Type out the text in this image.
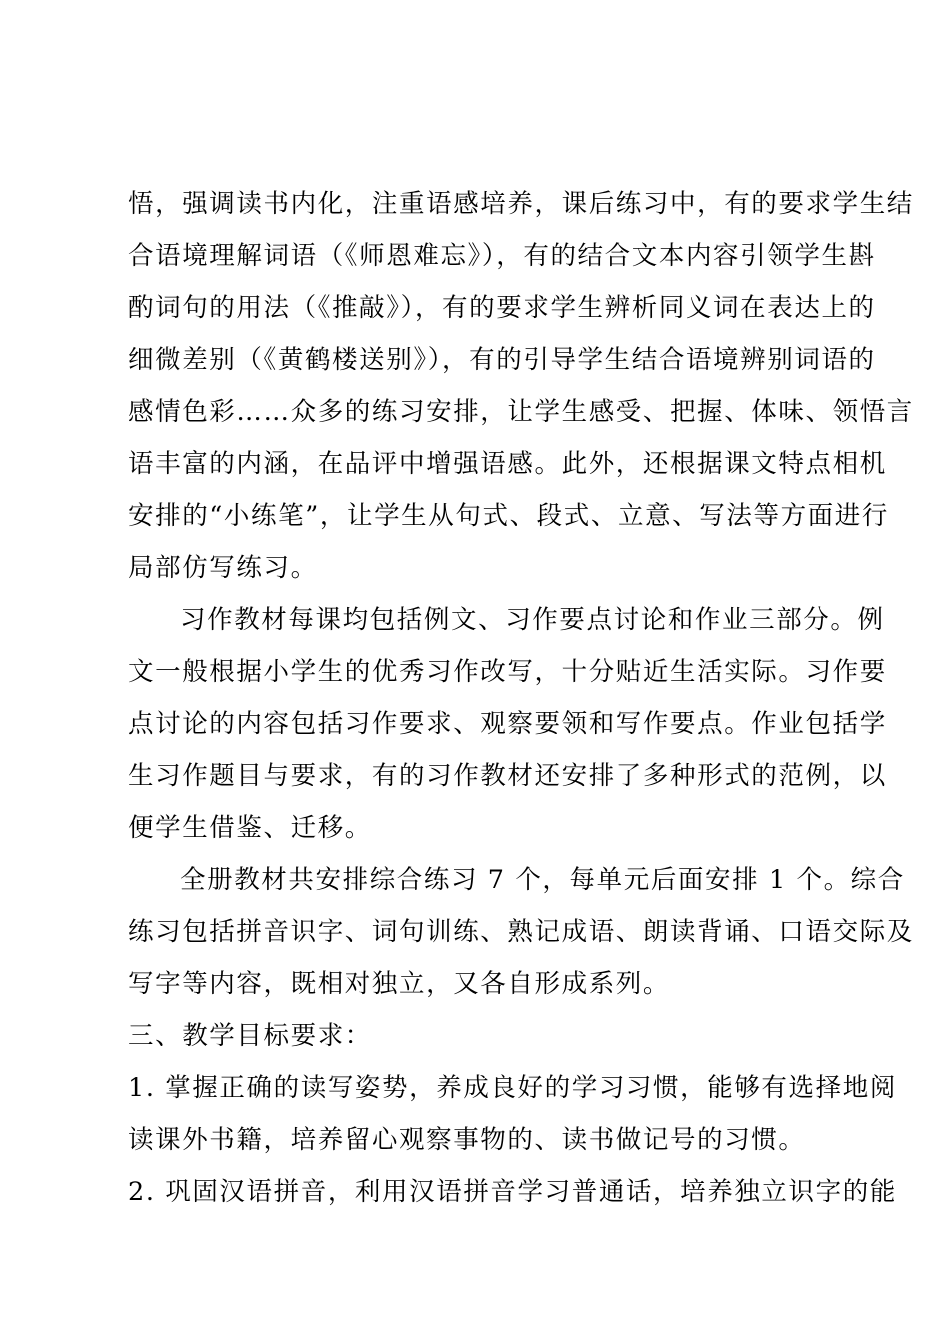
悟，强调读书内化，注重语感培养，课后练习中，有的要求学生结
合语境理解词语（《师恩难忘》），有的结合文本内容引领学生斟
酌词句的用法（《推敲》），有的要求学生辨析同义词在表达上的
细微差别（《黄鹤楼送别》），有的引导学生结合语境辨别词语的
感情色彩……众多的练习安排，让学生感受、把握、体味、领悟言
语丰富的内涵，在品评中增强语感。此外，还根据课文特点相机
安排的“小练笔”，让学生从句式、段式、立意、写法等方面进行
局部仿写练习。
习作教材每课均包括例文、习作要点讨论和作业三部分。例
文一般根据小学生的优秀习作改写，十分贴近生活实际。习作要
点讨论的内容包括习作要求、观察要领和写作要点。作业包括学
生习作题目与要求，有的习作教材还安排了多种形式的范例，以
便学生借鉴、迁移。
全册教材共安排综合练习 7 个，每单元后面安排 1 个。综合
练习包括拼音识字、词句训练、熟记成语、朗读背诵、口语交际及
写字等内容，既相对独立，又各自形成系列。
三、教学目标要求：
1. 掌握正确的读写姿势，养成良好的学习习惯，能够有选择地阅
读课外书籍，培养留心观察事物的、读书做记号的习惯。
2. 巩固汉语拼音，利用汉语拼音学习普通话，培养独立识字的能
